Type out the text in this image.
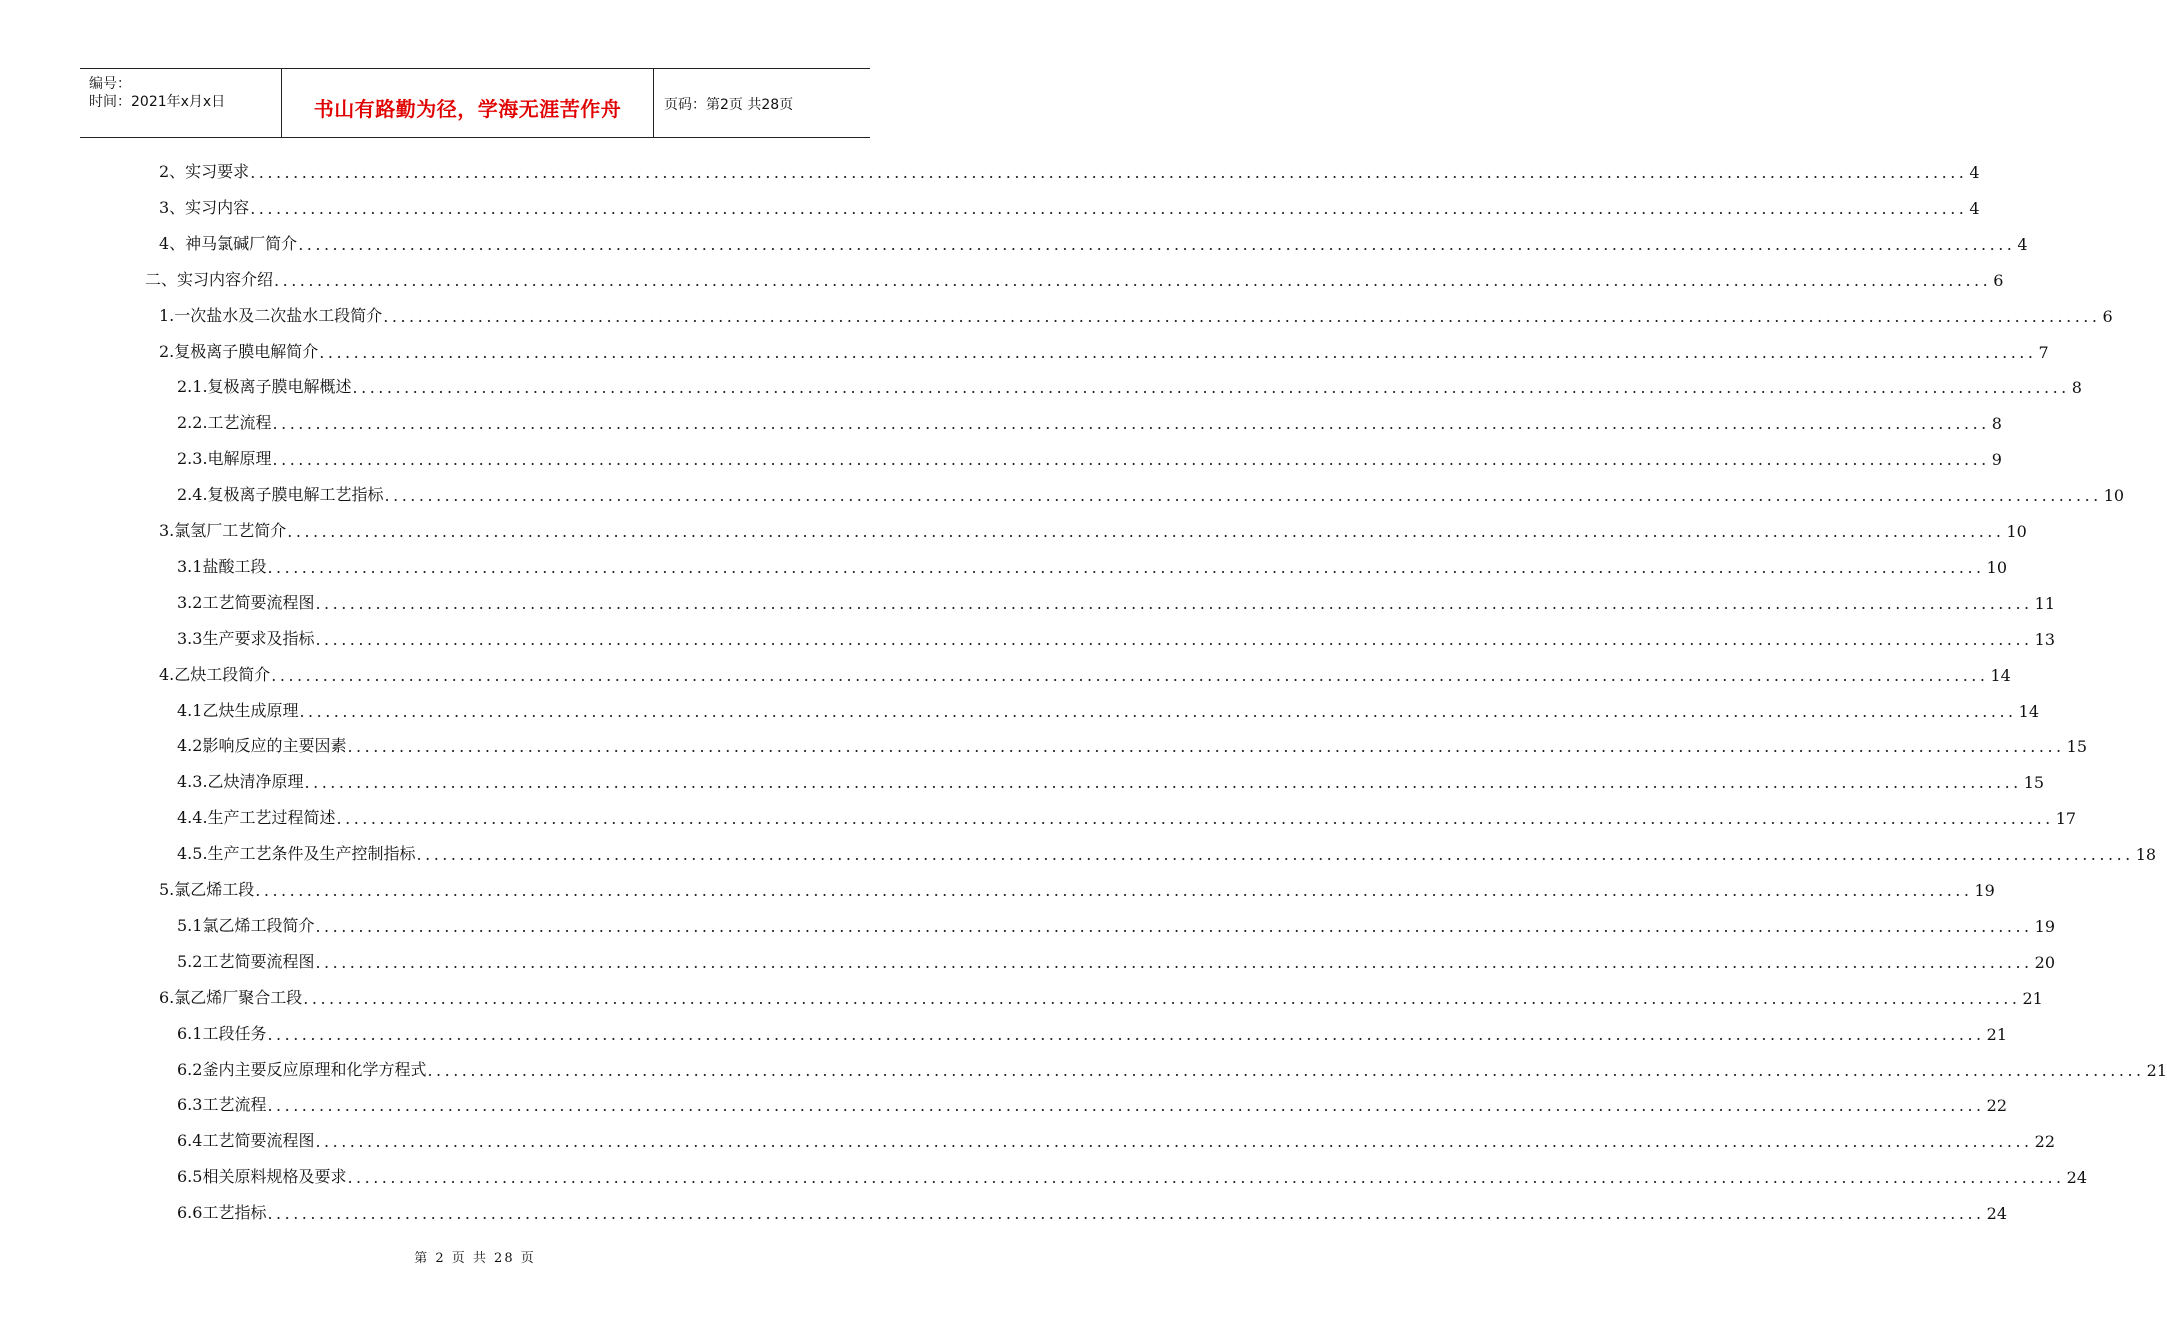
编号：
时间：2021年x月x日	书山有路勤为径，学海无涯苦作舟	页码：第2页 共28页
2、实习要求 ........................................................................................................................................................................................................ 4
3、实习内容 ........................................................................................................................................................................................................ 4
4、神马氯碱厂简介 ........................................................................................................................................................................................................ 4
二、实习内容介绍 ........................................................................................................................................................................................................ 6
1.一次盐水及二次盐水工段简介 ........................................................................................................................................................................................................ 6
2.复极离子膜电解简介 ........................................................................................................................................................................................................ 7
2.1.复极离子膜电解概述 ........................................................................................................................................................................................................ 8
2.2.工艺流程 ........................................................................................................................................................................................................ 8
2.3.电解原理 ........................................................................................................................................................................................................ 9
2.4.复极离子膜电解工艺指标 ........................................................................................................................................................................................................ 10
3.氯氢厂工艺简介 ........................................................................................................................................................................................................ 10
3.1盐酸工段 ........................................................................................................................................................................................................ 10
3.2工艺简要流程图 ........................................................................................................................................................................................................ 11
3.3生产要求及指标 ........................................................................................................................................................................................................ 13
4.乙炔工段简介 ........................................................................................................................................................................................................ 14
4.1乙炔生成原理 ........................................................................................................................................................................................................ 14
4.2影响反应的主要因素 ........................................................................................................................................................................................................ 15
4.3.乙炔清净原理 ........................................................................................................................................................................................................ 15
4.4.生产工艺过程简述 ........................................................................................................................................................................................................ 17
4.5.生产工艺条件及生产控制指标 ........................................................................................................................................................................................................ 18
5.氯乙烯工段 ........................................................................................................................................................................................................ 19
5.1氯乙烯工段简介 ........................................................................................................................................................................................................ 19
5.2工艺简要流程图 ........................................................................................................................................................................................................ 20
6.氯乙烯厂聚合工段 ........................................................................................................................................................................................................ 21
6.1工段任务 ........................................................................................................................................................................................................ 21
6.2釜内主要反应原理和化学方程式 ........................................................................................................................................................................................................ 21
6.3工艺流程 ........................................................................................................................................................................................................ 22
6.4工艺简要流程图 ........................................................................................................................................................................................................ 22
6.5相关原料规格及要求 ........................................................................................................................................................................................................ 24
6.6工艺指标 ........................................................................................................................................................................................................ 24
第 2 页 共 28 页
